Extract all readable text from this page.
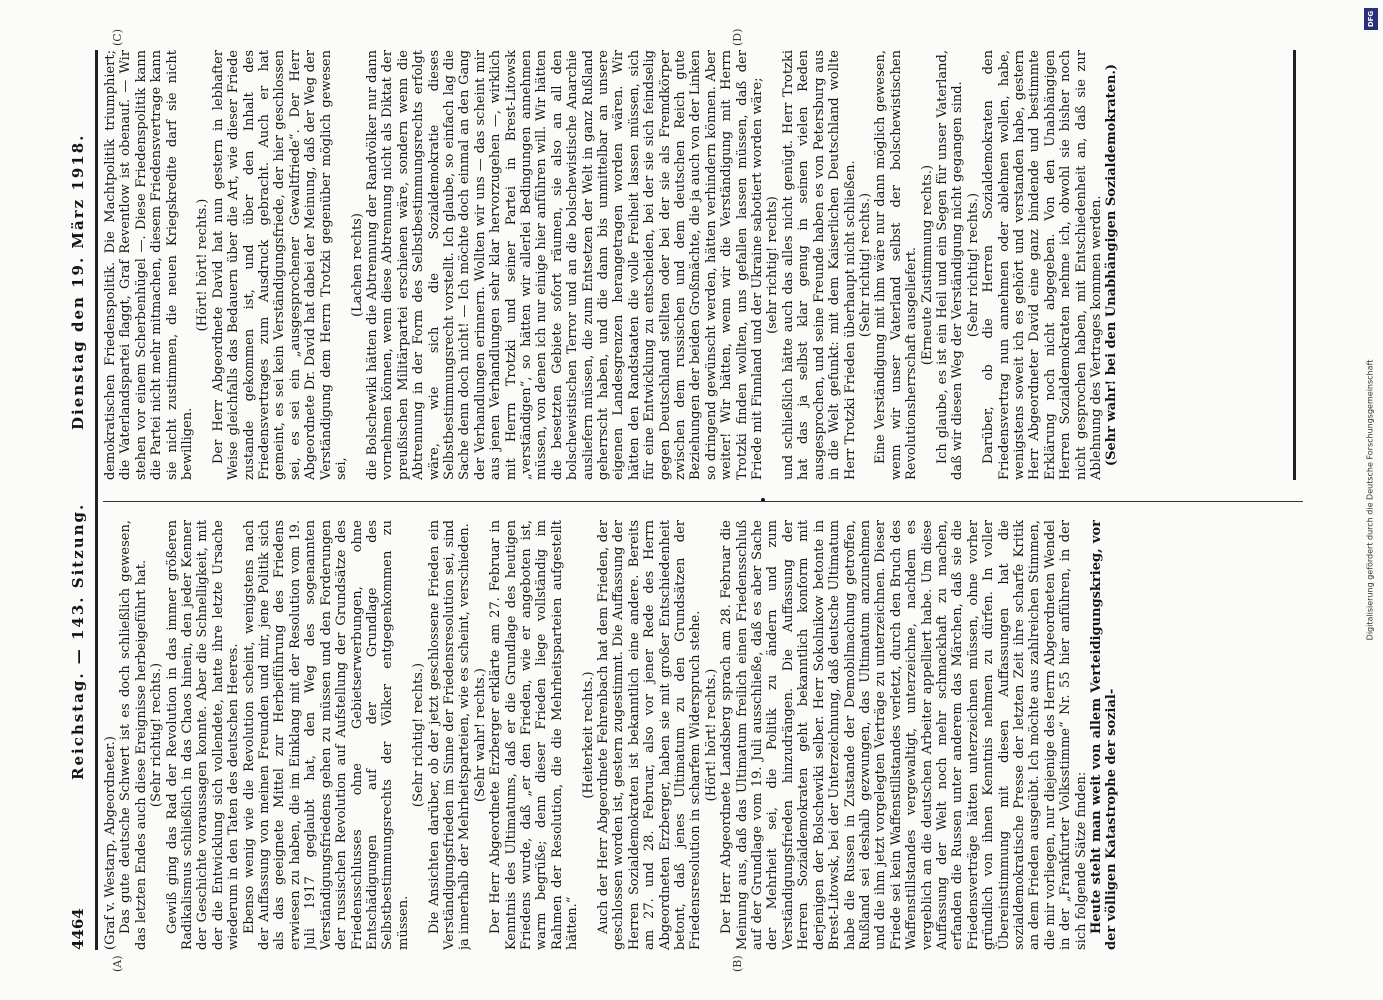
4464
Reichstag. — 143. Sitzung.
Dienstag den 19. März 1918.
(A)	(B)
(C)	(D)

(Graf v. Westarp, Abgeordneter.) Das gute deutsche Schwert ist es doch schließlich gewesen, das letzten Endes auch diese Ereignisse herbeigeführt hat. (Sehr richtig! rechts.) Gewiß ging das Rad der Revolution in das immer größeren Radikalismus schließlich in das Chaos hinein, den jeder Kenner der Geschichte voraussagen konnte. Aber die Schnelligkeit, mit der die Entwicklung sich vollendete, hatte ihre letzte Ursache wiederum in den Taten des deutschen Heeres. Ebenso wenig wie die Revolution scheint, wenigstens nach der Auffassung von meinen Freunden und mir, jene Politik sich als das geeignete Mittel zur Herbeiführung des Friedens erwiesen zu haben, die im Einklang mit der Resolution vom 19. Juli 1917 geglaubt hat, den Weg des sogenannten Verständigungsfriedens gehen zu müssen und den Forderungen der russischen Revolution auf Aufstellung der Grundsätze des Friedensschlusses ohne Gebietserwerbungen, ohne Entschädigungen auf der Grundlage des Selbstbestimmungsrechts der Völker entgegenkommen zu müssen.

(Sehr richtig! rechts.) Die Ansichten darüber, ob der jetzt geschlossene Frieden ein Verständigungsfrieden im Sinne der Friedensresolution sei, sind ja innerhalb der Mehrheitsparteien, wie es scheint, verschieden. (Sehr wahr! rechts.) Der Herr Abgeordnete Erzberger erklärte am 27. Februar in Kenntnis des Ultimatums, daß er die Grundlage des heutigen Friedens wurde, daß „er den Frieden, wie er angeboten ist, warm begrüße; denn dieser Frieden liege vollständig im Rahmen der Resolution, die die Mehrheitsparteien aufgestellt hätten.“

(Heiterkeit rechts.) Auch der Herr Abgeordnete Fehrenbach hat dem Frieden, der geschlossen worden ist, gestern zugestimmt. Die Auffassung der Herren Sozialdemokraten ist bekanntlich eine andere. Bereits am 27. und 28. Februar, also vor jener Rede des Herrn Abgeordneten Erzberger, haben sie mit großer Entschiedenheit betont, daß jenes Ultimatum zu den Grundsätzen der Friedensresolution in scharfem Widerspruch stehe. (Hört! hört! rechts.) Der Herr Abgeordnete Landsberg sprach am 28. Februar die Meinung aus, daß das Ultimatum freilich einen Friedensschluß auf der Grundlage vom 19. Juli ausschließe, daß es aber Sache der Mehrheit sei, die Politik zu ändern und zum Verständigungsfrieden hinzudrängen. Die Auffassung der Herren Sozialdemokraten geht bekanntlich konform mit derjenigen der Bolschewiki selber. Herr Sokolnikow betonte in Brest-Litowsk, bei der Unterzeichnung, daß deutsche Ultimatum habe die Russen in Zustande der Demobilmachung getroffen, Rußland sei deshalb gezwungen, das Ultimatum anzunehmen und die ihm jetzt vorgelegten Verträge zu unterzeichnen. Dieser Friede sei kein Waffenstillstandes verletzt, durch den Bruch des Waffenstillstandes vergewaltigt, unterzeichne, nachdem es vergeblich an die deutschen Arbeiter appelliert habe. Um diese Auffassung der Welt noch mehr schmackhaft zu machen, erfanden die Russen unter anderem das Märchen, daß sie die Friedensverträge hätten unterzeichnen müssen, ohne vorher gründlich von ihnen Kenntnis nehmen zu dürfen. In voller Übereinstimmung mit diesen Auffassungen hat die sozialdemokratische Presse der letzten Zeit ihre scharfe Kritik an dem Frieden ausgeübt. Ich möchte aus zahlreichen Stimmen, die mir vorliegen, nur diejenige des Herrn Abgeordneten Wendel in der „Frankfurter Volksstimme“ Nr. 55 hier anführen, in der sich folgende Sätze finden: Heute steht man weit von allem Verteidigungskrieg, vor der völligen Katastrophe der sozial-

demokratischen Friedenspolitik. Die Machtpolitik triumphiert; die Vaterlandspartei flaggt, Graf Reventlow ist obenauf. — Wir stehen vor einem Scherbenhügel —. Diese Friedenspolitik kann die Partei nicht mehr mitmachen, diesem Friedensvertrage kann sie nicht zustimmen, die neuen Kriegskredite darf sie nicht bewilligen.

(Hört! hört! rechts.) Der Herr Abgeordnete David hat nun gestern in lebhafter Weise gleichfalls das Bedauern über die Art, wie dieser Friede zustande gekommen ist, und über den Inhalt des Friedensvertrages zum Ausdruck gebracht. Auch er hat gemeint, es sei kein Verständigungsfriede, der hier geschlossen sei, es sei ein „ausgesprochener Gewaltfriede“. Der Herr Abgeordnete Dr. David hat dabei der Meinung, daß der Weg der Verständigung dem Herrn Trotzki gegenüber möglich gewesen sei,

(Lachen rechts) die Bolschewiki hätten die Abtrennung der Randvölker nur dann vornehmen können, wenn diese Abtrennung nicht als Diktat der preußischen Militärpartei erschienen wäre, sondern wenn die Abtrennung in der Form des Selbstbestimmungsrechts erfolgt wäre, wie sich die Sozialdemokratie dieses Selbstbestimmungsrecht vorstellt. Ich glaube, so einfach lag die Sache denn doch nicht! — Ich möchte doch einmal an den Gang der Verhandlungen erinnern. Wollten wir uns — das scheint mir aus jenen Verhandlungen sehr klar hervorzugehen —, wirklich mit Herrn Trotzki und seiner Partei in Brest-Litowsk „verständigen“, so hätten wir allerlei Bedingungen annehmen müssen, von denen ich nur einige hier anführen will. Wir hätten die besetzten Gebiete sofort räumen, sie also an all den bolschewistischen Terror und an die bolschewistische Anarchie ausliefern müssen, die zum Entsetzen der Welt in ganz Rußland geherrscht haben, und die dann bis unmittelbar an unsere eigenen Landesgrenzen herangetragen worden wären. Wir hätten den Randstaaten die volle Freiheit lassen müssen, sich für eine Entwicklung zu entscheiden, bei der sie sich feindselig gegen Deutschland stellten oder bei der sie als Fremdkörper zwischen dem russischen und dem deutschen Reich gute Beziehungen der beiden Großmächte, die ja auch von der Linken so dringend gewünscht werden, hätten verhindern können. Aber weiter! Wir hätten, wenn wir die Verständigung mit Herrn Trotzki finden wollten, uns gefallen lassen müssen, daß der Friede mit Finnland und der Ukraine sabotiert worden wäre; (sehr richtig! rechts) und schließlich hätte auch das alles nicht genügt. Herr Trotzki hat das ja selbst klar genug in seinen vielen Reden ausgesprochen, und seine Freunde haben es von Petersburg aus in die Welt gefunkt: mit dem Kaiserlichen Deutschland wollte Herr Trotzki Frieden überhaupt nicht schließen. (Sehr richtig! rechts.) Eine Verständigung mit ihm wäre nur dann möglich gewesen, wenn wir unser Vaterland selbst der bolschewistischen Revolutionsherrschaft ausgeliefert. (Erneute Zustimmung rechts.) Ich glaube, es ist ein Heil und ein Segen für unser Vaterland, daß wir diesen Weg der Verständigung nicht gegangen sind. (Sehr richtig! rechts.) Darüber, ob die Herren Sozialdemokraten den Friedensvertrag nun annehmen oder ablehnen wollen, habe, wenigstens soweit ich es gehört und verstanden habe, gestern Herr Abgeordneter David eine ganz bindende und bestimmte Erklärung noch nicht abgegeben. Von den Unabhängigen Herren Sozialdemokraten nehme ich, obwohl sie bisher noch nicht gesprochen haben, mit Entschiedenheit an, daß sie zur Ablehnung des Vertrages kommen werden. (Sehr wahr! bei den Unabhängigen Sozialdemokraten.)

Digitalisierung gefördert durch die Deutsche Forschungsgemeinschaft
DFG
